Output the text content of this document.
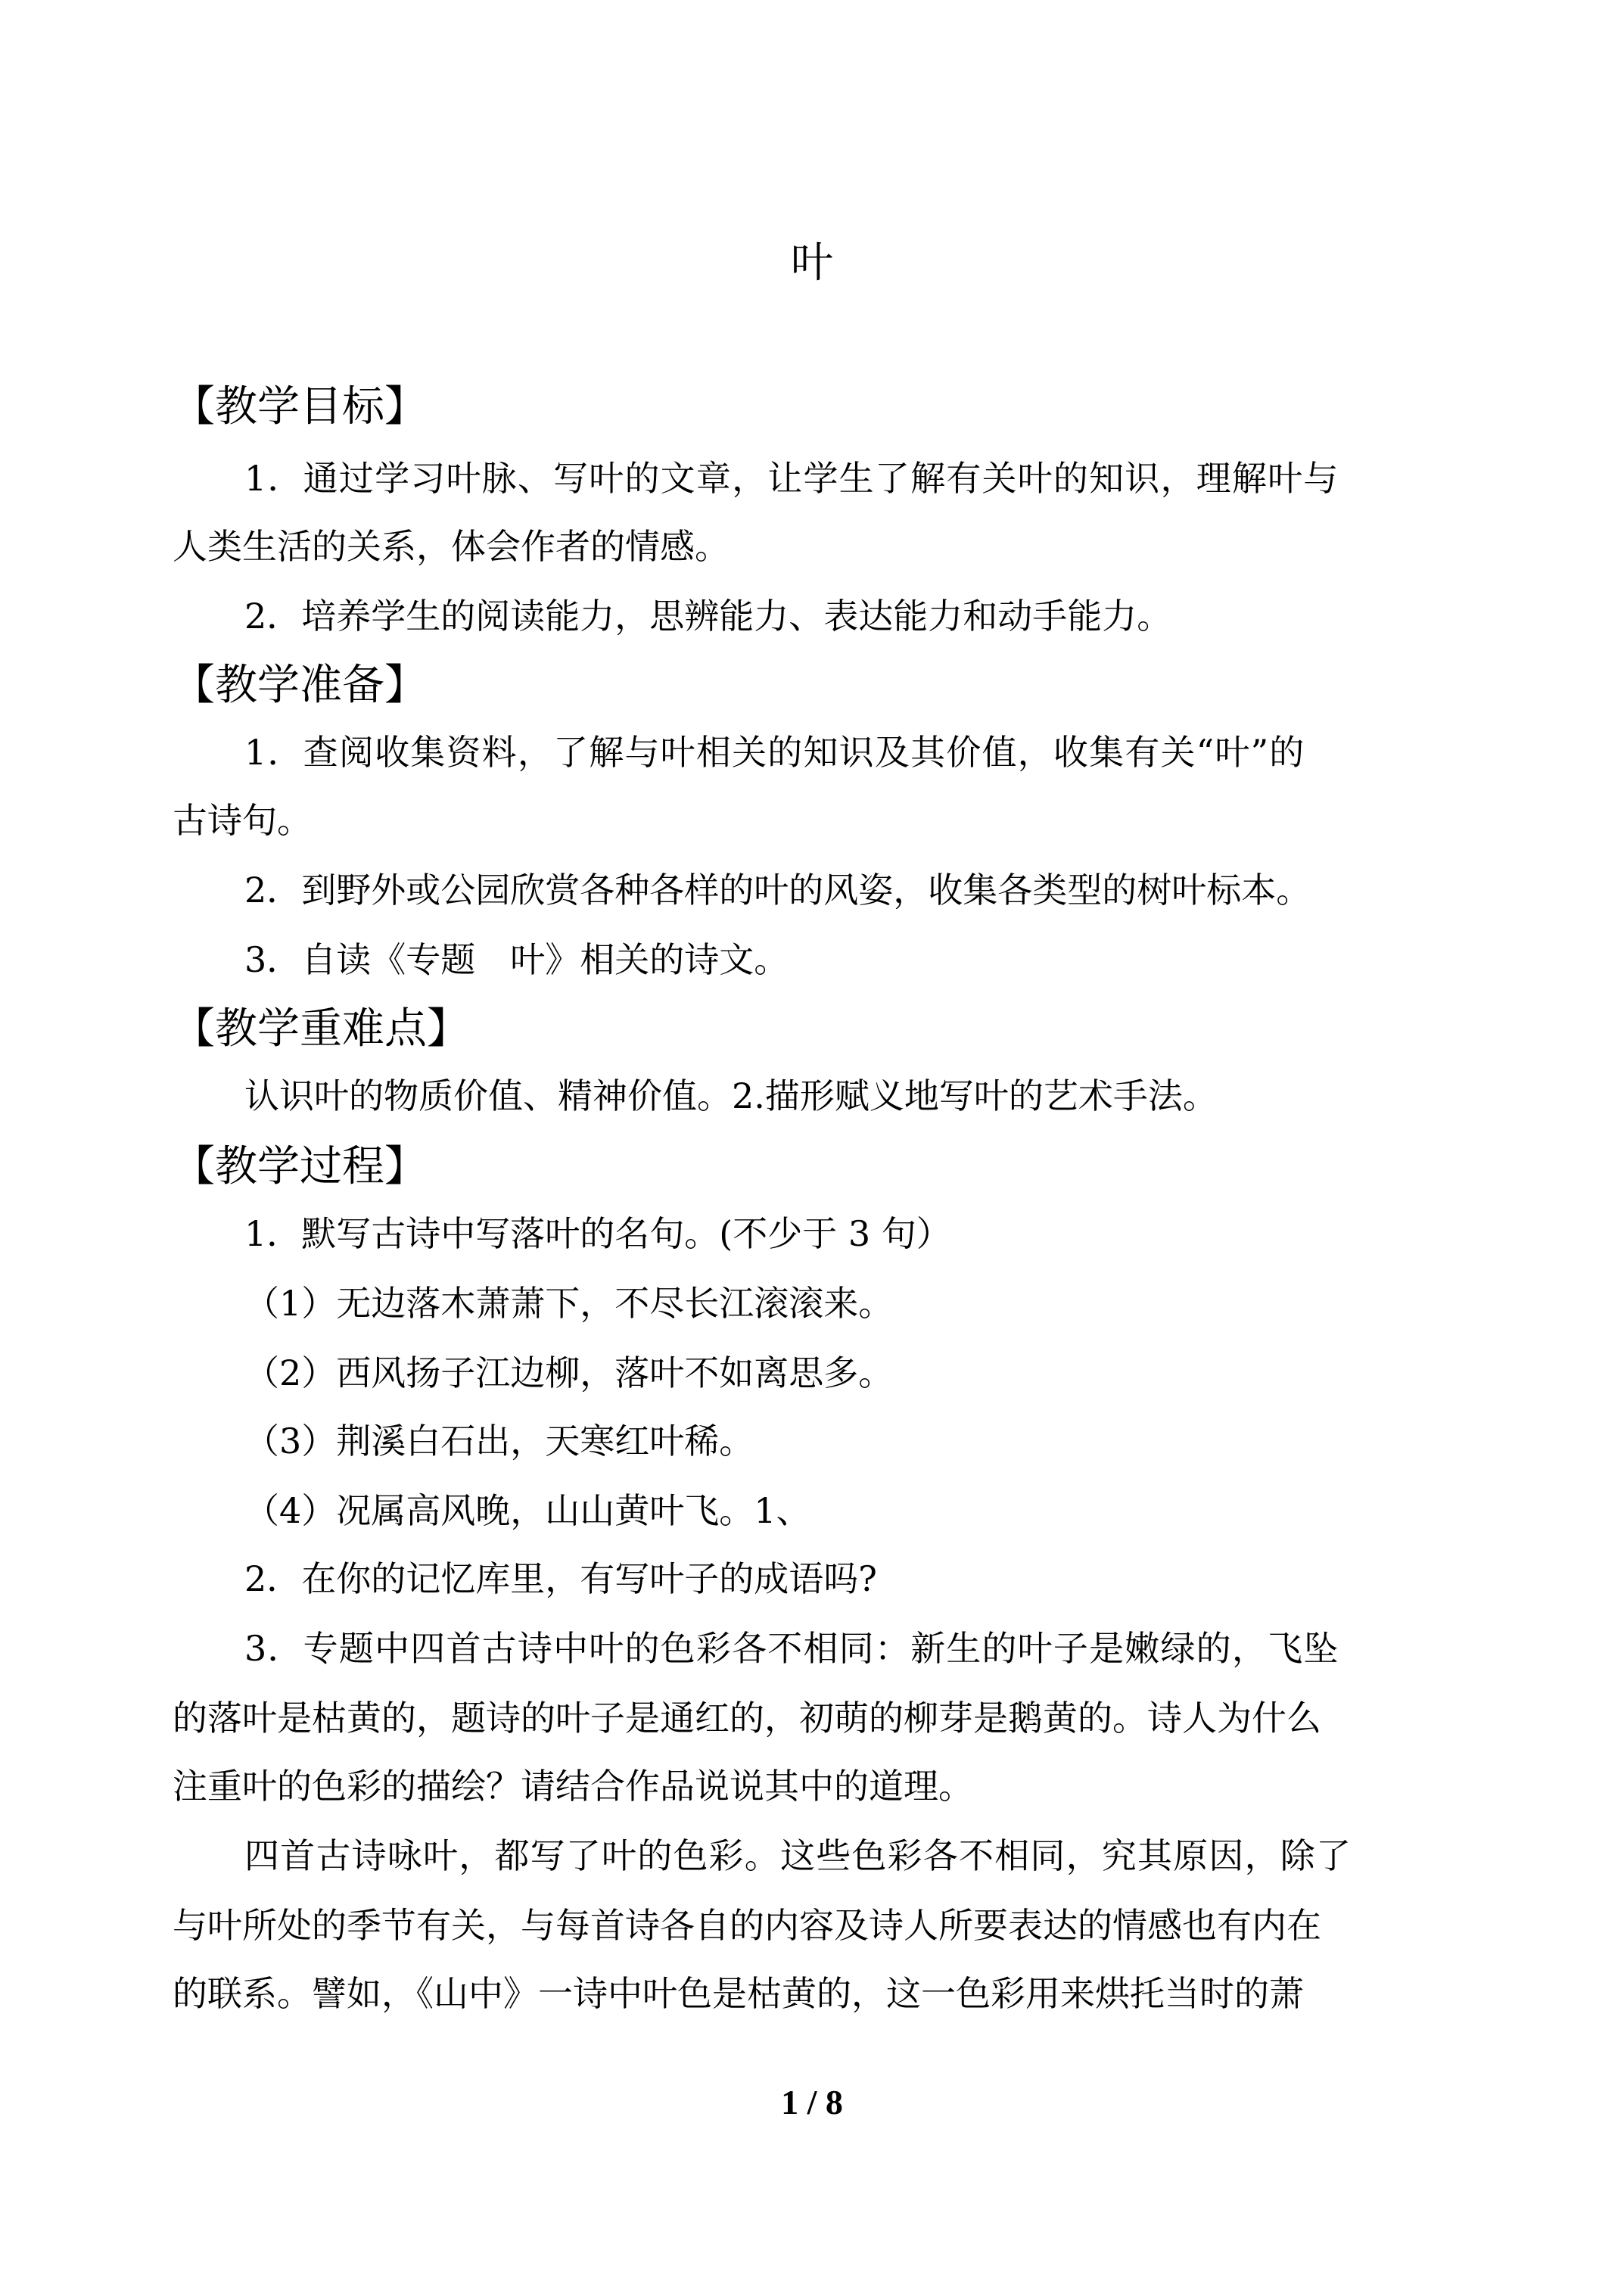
叶
【教学目标】
1．通过学习叶脉、写叶的文章，让学生了解有关叶的知识，理解叶与
人类生活的关系，体会作者的情感。
2．培养学生的阅读能力，思辨能力、表达能力和动手能力。
【教学准备】
1．查阅收集资料，了解与叶相关的知识及其价值，收集有关“叶”的
古诗句。
2．到野外或公园欣赏各种各样的叶的风姿，收集各类型的树叶标本。
3．自读《专题　叶》相关的诗文。
【教学重难点】
认识叶的物质价值、精神价值。2.描形赋义地写叶的艺术手法。
【教学过程】
1．默写古诗中写落叶的名句。(不少于 3 句）
（1）无边落木萧萧下，不尽长江滚滚来。
（2）西风扬子江边柳，落叶不如离思多。
（3）荆溪白石出，天寒红叶稀。
（4）况属高风晚，山山黄叶飞。1、
2．在你的记忆库里，有写叶子的成语吗?
3．专题中四首古诗中叶的色彩各不相同：新生的叶子是嫩绿的，飞坠
的落叶是枯黄的，题诗的叶子是通红的，初萌的柳芽是鹅黄的。诗人为什么
注重叶的色彩的描绘？请结合作品说说其中的道理。
四首古诗咏叶，都写了叶的色彩。这些色彩各不相同，究其原因，除了
与叶所处的季节有关，与每首诗各自的内容及诗人所要表达的情感也有内在
的联系。譬如，《山中》一诗中叶色是枯黄的，这一色彩用来烘托当时的萧
1 / 8
